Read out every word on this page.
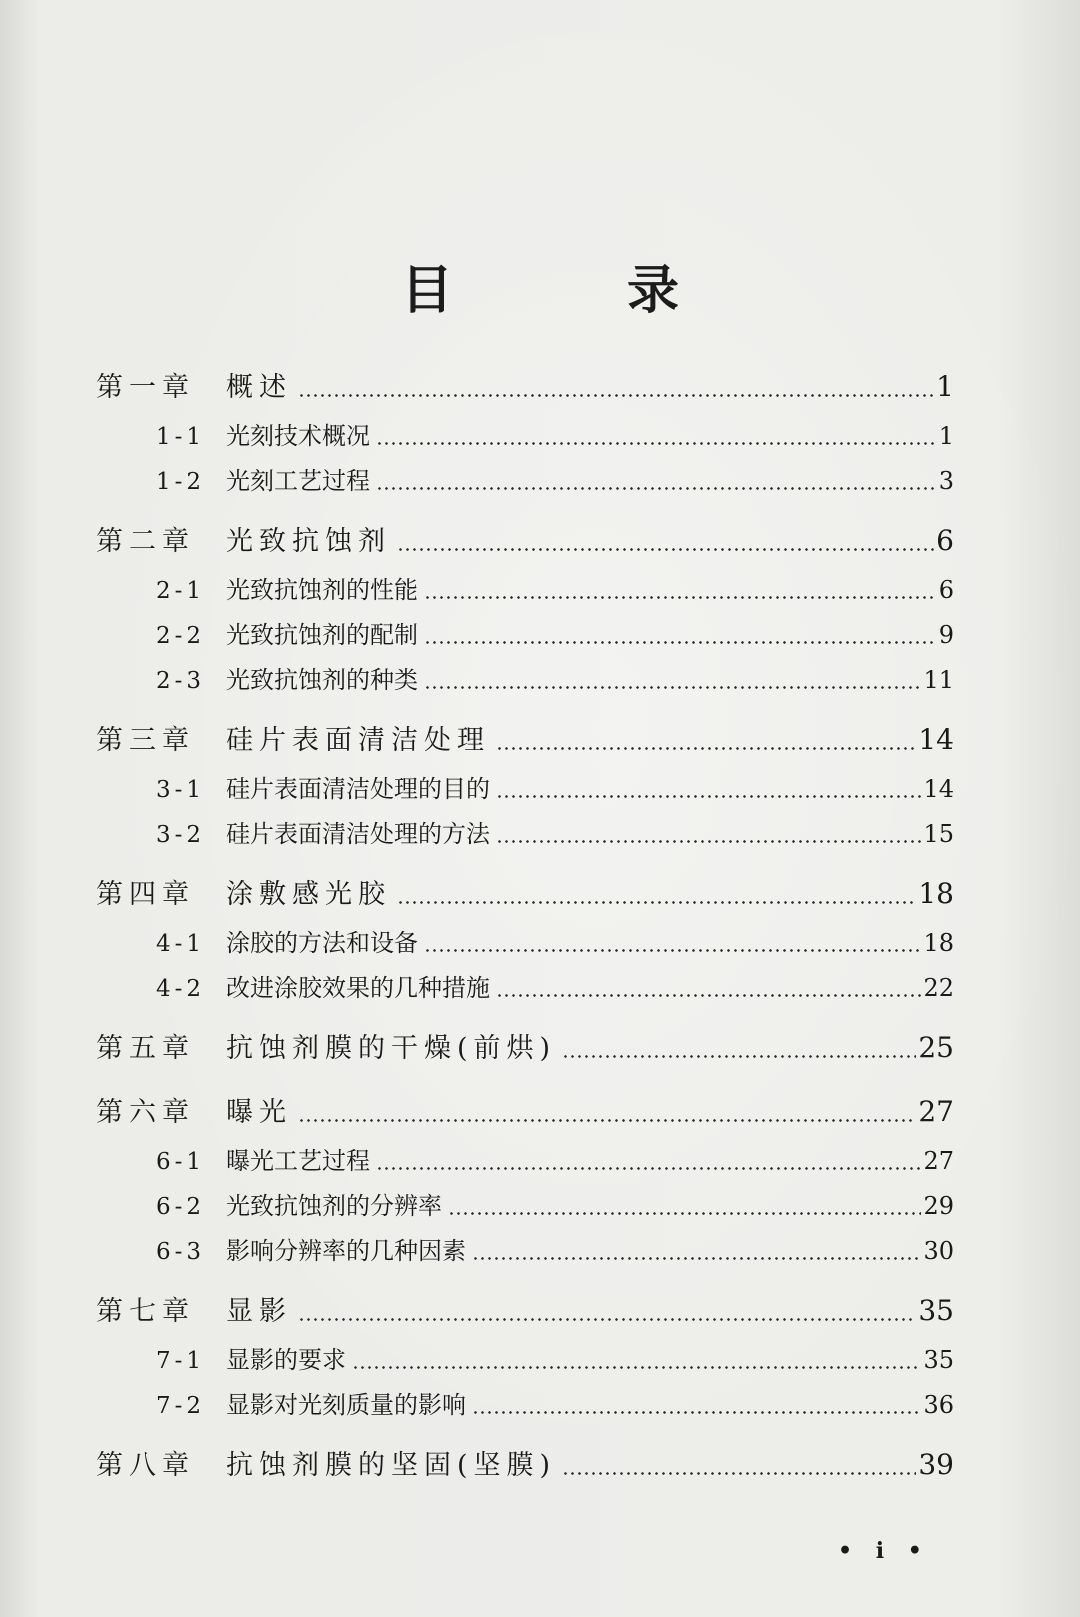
目 录
第一章	概述	1
1-1 光刻技术概况	1
1-2 光刻工艺过程	3
第二章	光致抗蚀剂	6
2-1 光致抗蚀剂的性能	6
2-2 光致抗蚀剂的配制	9
2-3 光致抗蚀剂的种类	11
第三章	硅片表面清洁处理	14
3-1 硅片表面清洁处理的目的	14
3-2 硅片表面清洁处理的方法	15
第四章	涂敷感光胶	18
4-1 涂胶的方法和设备	18
4-2 改进涂胶效果的几种措施	22
第五章	抗蚀剂膜的干燥(前烘)	25
第六章	曝光	27
6-1 曝光工艺过程	27
6-2 光致抗蚀剂的分辨率	29
6-3 影响分辨率的几种因素	30
第七章	显影	35
7-1 显影的要求	35
7-2 显影对光刻质量的影响	36
第八章	抗蚀剂膜的坚固(坚膜)	39
• i •
